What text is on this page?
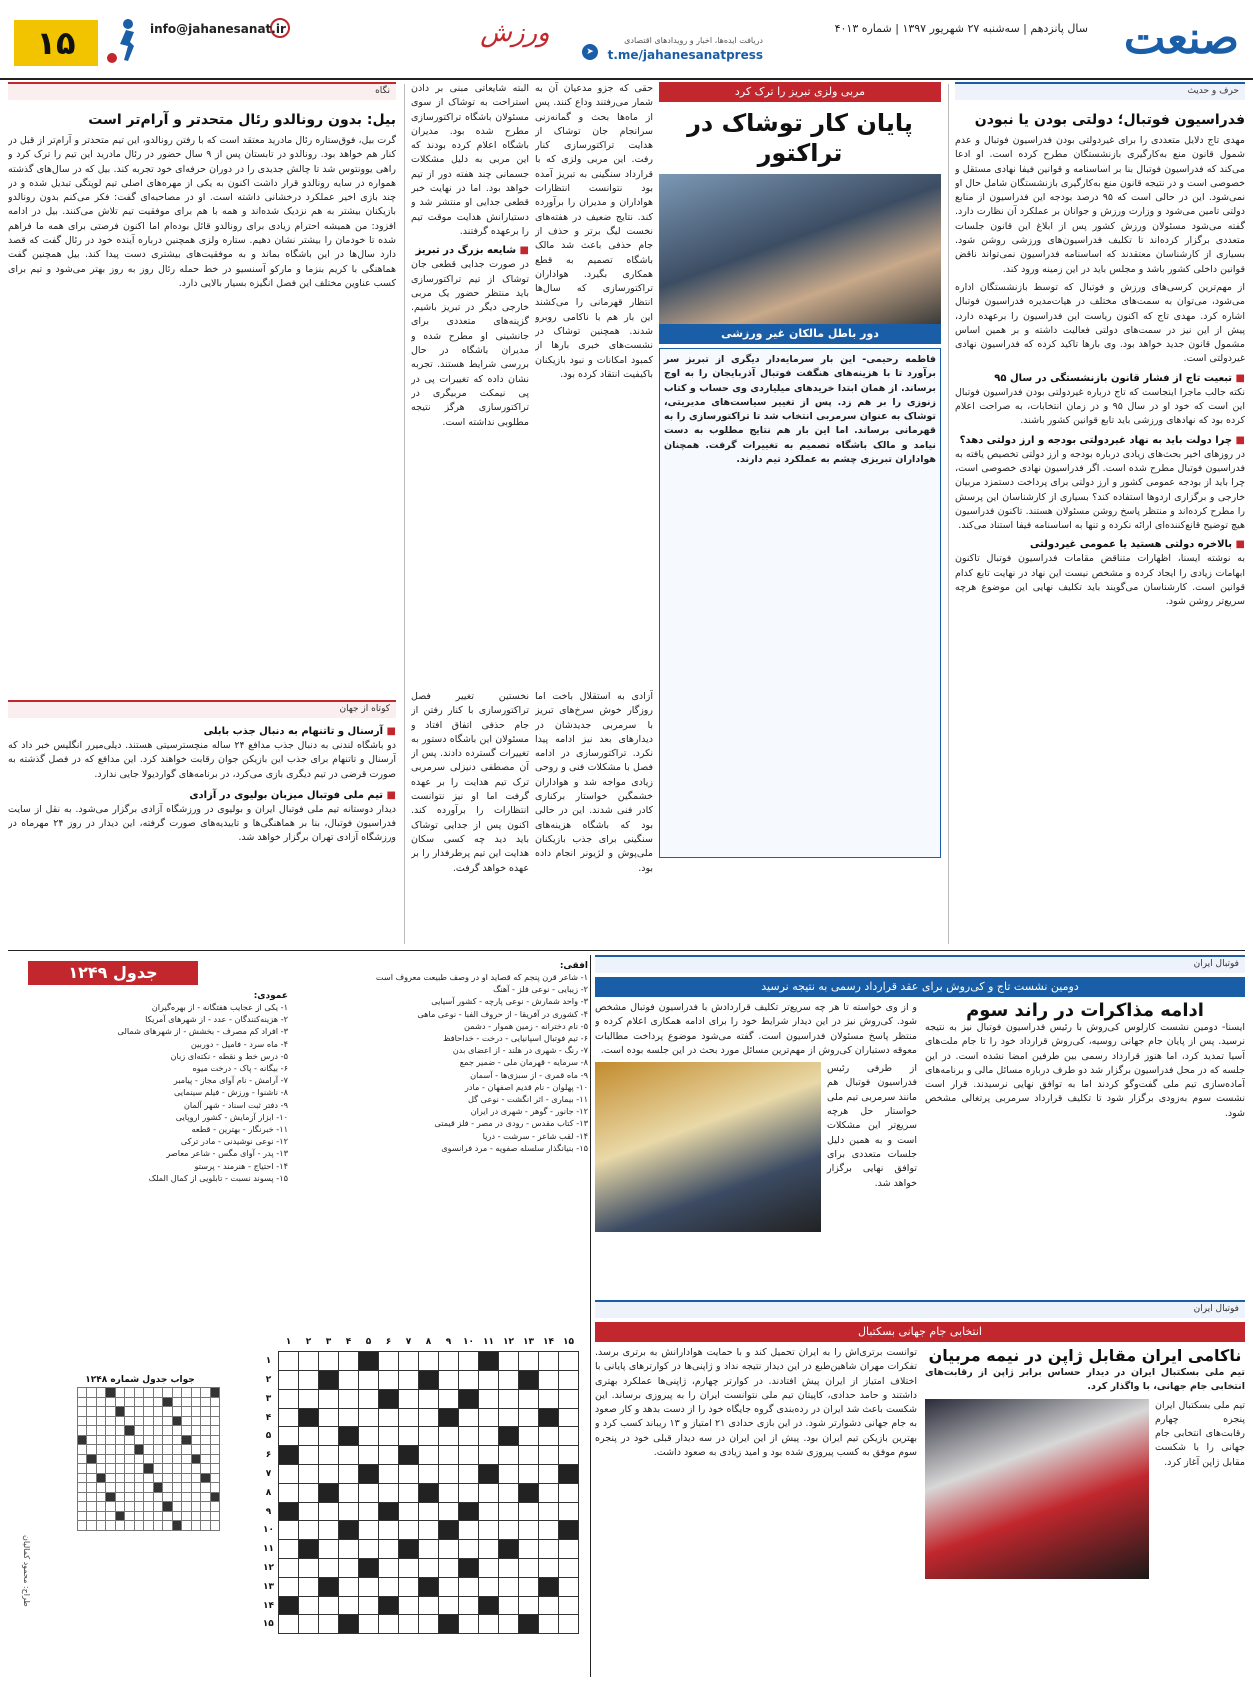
صنعت
سال پانزدهم | سه‌شنبه ۲۷ شهریور ۱۳۹۷ | شماره ۴۰۱۳
دریافت ایده‌ها، اخبار و رویدادهای اقتصادی
t.me/jahanesanatpress
➤
ورزش
info@jahanesanat.ir
۱۵
حرف و حدیث
فدراسیون فوتبال؛ دولتی بودن یا نبودن

مهدی تاج دلایل متعددی را برای غیردولتی بودن فدراسیون فوتبال و عدم شمول قانون منع به‌کارگیری بازنشستگان مطرح کرده است. او ادعا می‌کند که فدراسیون فوتبال بنا بر اساسنامه و قوانین فیفا نهادی مستقل و خصوصی است و در نتیجه قانون منع به‌کارگیری بازنشستگان شامل حال او نمی‌شود. این در حالی است که ۹۵ درصد بودجه این فدراسیون از منابع دولتی تامین می‌شود و وزارت ورزش و جوانان بر عملکرد آن نظارت دارد. گفته می‌شود مسئولان ورزش کشور پس از ابلاغ این قانون جلسات متعددی برگزار کرده‌اند تا تکلیف فدراسیون‌های ورزشی روشن شود. بسیاری از کارشناسان معتقدند که اساسنامه فدراسیون نمی‌تواند ناقض قوانین داخلی کشور باشد و مجلس باید در این زمینه ورود کند.

از مهم‌ترین کرسی‌های ورزش و فوتبال که توسط بازنشستگان اداره می‌شود، می‌توان به سمت‌های مختلف در هیات‌مدیره فدراسیون فوتبال اشاره کرد. مهدی تاج که اکنون ریاست این فدراسیون را برعهده دارد، پیش از این نیز در سمت‌های دولتی فعالیت داشته و بر همین اساس مشمول قانون جدید خواهد بود. وی بارها تاکید کرده که فدراسیون نهادی غیردولتی است.

■ تبعیت تاج از فشار قانون بازنشستگی در سال ۹۵

نکته جالب ماجرا اینجاست که تاج درباره غیردولتی بودن فدراسیون فوتبال این است که خود او در سال ۹۵ و در زمان انتخابات، به صراحت اعلام کرده بود که نهادهای ورزشی باید تابع قوانین کشور باشند.

■ چرا دولت باید به نهاد غیردولتی بودجه و ارز دولتی دهد؟

در روزهای اخیر بحث‌های زیادی درباره بودجه و ارز دولتی تخصیص یافته به فدراسیون فوتبال مطرح شده است. اگر فدراسیون نهادی خصوصی است، چرا باید از بودجه عمومی کشور و ارز دولتی برای پرداخت دستمزد مربیان خارجی و برگزاری اردوها استفاده کند؟ بسیاری از کارشناسان این پرسش را مطرح کرده‌اند و منتظر پاسخ روشن مسئولان هستند. تاکنون فدراسیون هیچ توضیح قانع‌کننده‌ای ارائه نکرده و تنها به اساسنامه فیفا استناد می‌کند.

■ بالاخره دولتی هستید یا عمومی غیردولتی

به نوشته ایسنا، اظهارات متناقض مقامات فدراسیون فوتبال تاکنون ابهامات زیادی را ایجاد کرده و مشخص نیست این نهاد در نهایت تابع کدام قوانین است. کارشناسان می‌گویند باید تکلیف نهایی این موضوع هرچه سریع‌تر روشن شود.

مربی ولزی تبریز را ترک کرد
پایان کار توشاک در تراکتور
دور باطل مالکان غیر ورزشی

فاطمه رحیمی- این بار سرمایه‌دار دیگری از تبریز سر برآورد تا با هزینه‌های هنگفت فوتبال آذربایجان را به اوج برساند. از همان ابتدا خریدهای میلیاردی وی حساب و کتاب زنوزی را بر هم زد. پس از تغییر سیاست‌های مدیریتی، توشاک به عنوان سرمربی انتخاب شد تا تراکتورسازی را به قهرمانی برساند. اما این بار هم نتایج مطلوب به دست نیامد و مالک باشگاه تصمیم به تغییرات گرفت. همچنان هواداران تبریزی چشم به عملکرد تیم دارند.

حقی که جزو مدعیان آن به شمار می‌رفتند وداع کنند. پس از ماه‌ها بحث و گمانه‌زنی سرانجام جان توشاک از هدایت تراکتورسازی کنار رفت. این مربی ولزی که با قرارداد سنگینی به تبریز آمده بود نتوانست انتظارات هواداران و مدیران را برآورده کند. نتایج ضعیف در هفته‌های نخست لیگ برتر و حذف از جام حذفی باعث شد مالک باشگاه تصمیم به قطع همکاری بگیرد. هواداران تراکتورسازی که سال‌ها انتظار قهرمانی را می‌کشند این بار هم با ناکامی روبرو شدند. همچنین توشاک در نشست‌های خبری بارها از کمبود امکانات و نبود بازیکنان باکیفیت انتقاد کرده بود.

البته شایعاتی مبنی بر دادن استراحت به توشاک از سوی مسئولان باشگاه تراکتورسازی مطرح شده بود. مدیران باشگاه اعلام کرده بودند که این مربی به دلیل مشکلات جسمانی چند هفته دور از تیم خواهد بود. اما در نهایت خبر قطعی جدایی او منتشر شد و دستیارانش هدایت موقت تیم را برعهده گرفتند.

■ شایعه بزرگ در تبریز

در صورت جدایی قطعی جان توشاک از تیم تراکتورسازی باید منتظر حضور یک مربی خارجی دیگر در تبریز باشیم. گزینه‌های متعددی برای جانشینی او مطرح شده و مدیران باشگاه در حال بررسی شرایط هستند. تجربه نشان داده که تغییرات پی در پی نیمکت مربیگری در تراکتورسازی هرگز نتیجه مطلوبی نداشته است.

آزادی به استقلال باخت اما روزگار خوش سرخ‌های تبریز با سرمربی جدیدشان در دیدارهای بعد نیز ادامه پیدا نکرد. تراکتورسازی در ادامه فصل با مشکلات فنی و روحی زیادی مواجه شد و هواداران خشمگین خواستار برکناری کادر فنی شدند. این در حالی بود که باشگاه هزینه‌های سنگینی برای جذب بازیکنان ملی‌پوش و لژیونر انجام داده بود.

نخستین تغییر فصل تراکتورسازی با کنار رفتن از جام حذفی اتفاق افتاد و مسئولان این باشگاه دستور به تغییرات گسترده دادند. پس از آن مصطفی دنیزلی سرمربی ترک تیم هدایت را بر عهده گرفت اما او نیز نتوانست انتظارات را برآورده کند. اکنون پس از جدایی توشاک باید دید چه کسی سکان هدایت این تیم پرطرفدار را بر عهده خواهد گرفت.

نگاه
بیل: بدون رونالدو رئال متحدتر و آرام‌تر است

گرت بیل، فوق‌ستاره رئال مادرید معتقد است که با رفتن رونالدو، این تیم متحدتر و آرام‌تر از قبل در کنار هم خواهد بود. رونالدو در تابستان پس از ۹ سال حضور در رئال مادرید این تیم را ترک کرد و راهی یوونتوس شد تا چالش جدیدی را در دوران حرفه‌ای خود تجربه کند. بیل که در سال‌های گذشته همواره در سایه رونالدو قرار داشت اکنون به یکی از مهره‌های اصلی تیم لوپتگی تبدیل شده و در چند بازی اخیر عملکرد درخشانی داشته است. او در مصاحبه‌ای گفت: فکر می‌کنم بدون رونالدو بازیکنان بیشتر به هم نزدیک شده‌اند و همه با هم برای موفقیت تیم تلاش می‌کنند. بیل در ادامه افزود: من همیشه احترام زیادی برای رونالدو قائل بوده‌ام اما اکنون فرصتی برای همه ما فراهم شده تا خودمان را بیشتر نشان دهیم. ستاره ولزی همچنین درباره آینده خود در رئال گفت که قصد دارد سال‌ها در این باشگاه بماند و به موفقیت‌های بیشتری دست پیدا کند. بیل همچنین گفت هماهنگی با کریم بنزما و مارکو آسنسیو در خط حمله رئال روز به روز بهتر می‌شود و تیم برای کسب عناوین مختلف این فصل انگیزه بسیار بالایی دارد.

کوتاه از جهان
■ آرسنال و تاتنهام به دنبال جذب بابلی

دو باشگاه لندنی به دنبال جذب مدافع ۲۴ ساله منچسترسیتی هستند. دیلی‌میرر انگلیس خبر داد که آرسنال و تاتنهام برای جذب این بازیکن جوان رقابت خواهند کرد. این مدافع که در فصل گذشته به صورت قرضی در تیم دیگری بازی می‌کرد، در برنامه‌های گواردیولا جایی ندارد.

■ تیم ملی فوتبال میزبان بولیوی در آزادی

دیدار دوستانه تیم ملی فوتبال ایران و بولیوی در ورزشگاه آزادی برگزار می‌شود. به نقل از سایت فدراسیون فوتبال، بنا بر هماهنگی‌ها و تاییدیه‌های صورت گرفته، این دیدار در روز ۲۴ مهرماه در ورزشگاه آزادی تهران برگزار خواهد شد.

فوتبال ایران
دومین نشست تاج و کی‌روش برای عقد قرارداد رسمی به نتیجه نرسید
ادامه مذاکرات در راند سوم

ایسنا- دومین نشست کارلوس کی‌روش با رئیس فدراسیون فوتبال نیز به نتیجه نرسید. پس از پایان جام جهانی روسیه، کی‌روش قرارداد خود را تا جام ملت‌های آسیا تمدید کرد، اما هنوز قرارداد رسمی بین طرفین امضا نشده است. در این جلسه که در محل فدراسیون برگزار شد دو طرف درباره مسائل مالی و برنامه‌های آماده‌سازی تیم ملی گفت‌وگو کردند اما به توافق نهایی نرسیدند. قرار است نشست سوم به‌زودی برگزار شود تا تکلیف قرارداد سرمربی پرتغالی مشخص شود.

و از وی خواسته تا هر چه سریع‌تر تکلیف قراردادش با فدراسیون فوتبال مشخص شود. کی‌روش نیز در این دیدار شرایط خود را برای ادامه همکاری اعلام کرده و منتظر پاسخ مسئولان فدراسیون است. گفته می‌شود موضوع پرداخت مطالبات معوقه دستیاران کی‌روش از مهم‌ترین مسائل مورد بحث در این جلسه بوده است.

از طرفی رئیس فدراسیون فوتبال هم مانند سرمربی تیم ملی خواستار حل هرچه سریع‌تر این مشکلات است و به همین دلیل جلسات متعددی برای توافق نهایی برگزار خواهد شد.

فوتبال ایران
انتخابی جام جهانی بسکتبال
ناکامی ایران مقابل ژاپن در نیمه مربیان

تیم ملی بسکتبال ایران در دیدار حساس برابر ژاپن از رقابت‌های انتخابی جام جهانی، با واگذار کرد.

تیم ملی بسکتبال ایران پنجره چهارم رقابت‌های انتخابی جام جهانی را با شکست مقابل ژاپن آغاز کرد.

توانست برتری‌اش را به ایران تحمیل کند و با حمایت هوادارانش به برتری برسد. تفکرات مهران شاهین‌طبع در این دیدار نتیجه نداد و ژاپنی‌ها در کوارترهای پایانی با اختلاف امتیاز از ایران پیش افتادند. در کوارتر چهارم، ژاپنی‌ها عملکرد بهتری داشتند و حامد حدادی، کاپیتان تیم ملی نتوانست ایران را به پیروزی برساند. این شکست باعث شد ایران در رده‌بندی گروه جایگاه خود را از دست بدهد و کار صعود به جام جهانی دشوارتر شود. در این بازی حدادی ۲۱ امتیاز و ۱۳ ریباند کسب کرد و بهترین بازیکن تیم ایران بود. پیش از این ایران در سه دیدار قبلی خود در پنجره سوم موفق به کسب پیروزی شده بود و امید زیادی به صعود داشت.

جدول ۱۲۴۹
عمودی:
۱- یکی از عجایب هفتگانه - از بهره‌گیران
۲- هزینه‌کنندگان - عدد - از شهرهای آمریکا
۳- افراد کم مصرف - بخشش - از شهرهای شمالی
۴- ماه سرد - فامیل - دوربین
۵- درس خط و نقطه - نکته‌ای زبان
۶- بیگانه - پاک - درخت میوه
۷- آرامش - نام آوای مجاز - پیامبر
۸- ناشنوا - ورزش - فیلم سینمایی
۹- دفتر ثبت اسناد - شهر آلمان
۱۰- ابزار آزمایش - کشور اروپایی
۱۱- خبرنگار - بهترین - قطعه
۱۲- نوعی نوشیدنی - مادر ترکی
۱۳- پدر - آوای مگس - شاعر معاصر
۱۴- احتیاج - هنرمند - پرستو
۱۵- پسوند نسبت - تابلویی از کمال الملک
افقی:
۱- شاعر قرن پنجم که قصاید او در وصف طبیعت معروف است
۲- زیبایی - نوعی فلز - آهنگ
۳- واحد شمارش - نوعی پارچه - کشور آسیایی
۴- کشوری در آفریقا - از حروف الفبا - نوعی ماهی
۵- نام دخترانه - زمین هموار - دشمن
۶- تیم فوتبال اسپانیایی - درخت - خداحافظ
۷- رنگ - شهری در هلند - از اعضای بدن
۸- سرمایه - قهرمان ملی - ضمیر جمع
۹- ماه قمری - از سبزی‌ها - آسمان
۱۰- پهلوان - نام قدیم اصفهان - مادر
۱۱- بیماری - اثر انگشت - نوعی گل
۱۲- جانور - گوهر - شهری در ایران
۱۳- کتاب مقدس - رودی در مصر - فلز قیمتی
۱۴- لقب شاعر - سرشت - دریا
۱۵- بنیانگذار سلسله صفویه - مرد فرانسوی
جواب جدول شماره ۱۲۴۸

طراح: محمود کمالیان
۱۵	۱۴	۱۳	۱۲	۱۱	۱۰	۹	۸	۷	۶	۵	۴	۳	۲	۱	
															۱
															۲
															۳
															۴
															۵
															۶
															۷
															۸
															۹
															۱۰
															۱۱
															۱۲
															۱۳
															۱۴
															۱۵
